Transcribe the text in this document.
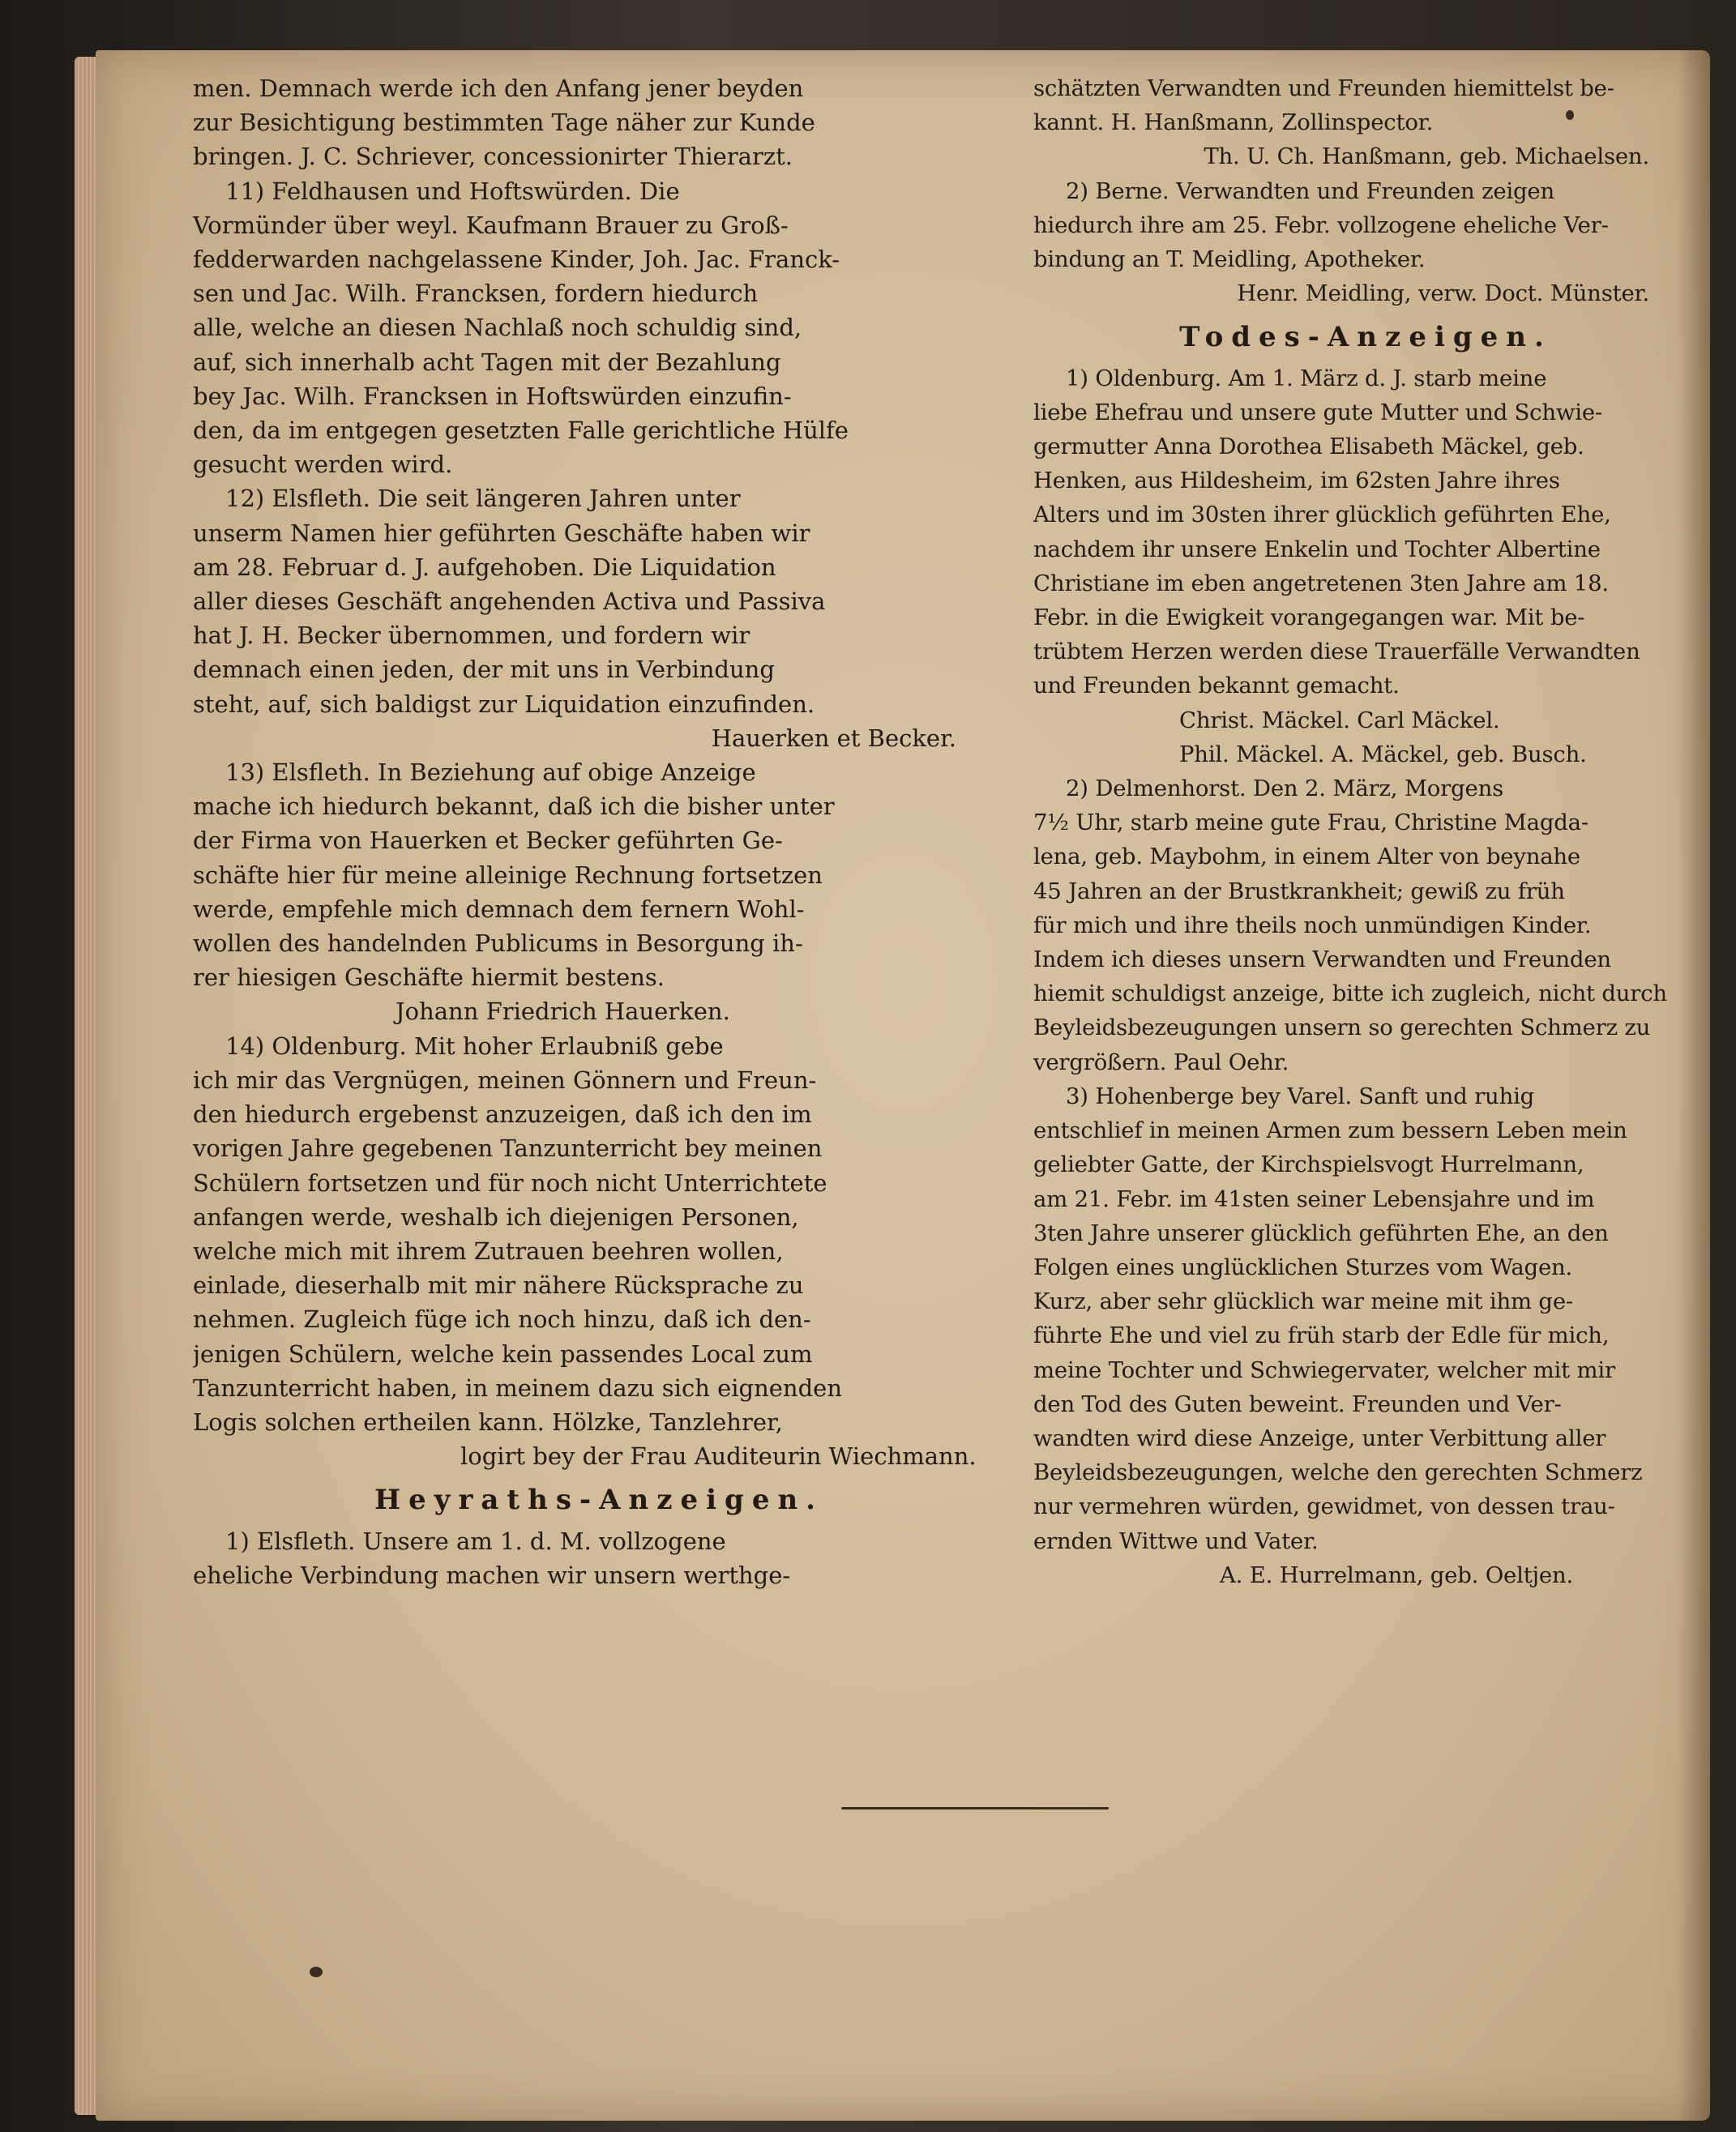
men. Demnach werde ich den Anfang jener beyden
zur Besichtigung bestimmten Tage näher zur Kunde
bringen. J. C. Schriever, concessionirter Thierarzt.
11) Feldhausen und Hoftswürden. Die
Vormünder über weyl. Kaufmann Brauer zu Groß-
fedderwarden nachgelassene Kinder, Joh. Jac. Franck-
sen und Jac. Wilh. Francksen, fordern hiedurch
alle, welche an diesen Nachlaß noch schuldig sind,
auf, sich innerhalb acht Tagen mit der Bezahlung
bey Jac. Wilh. Francksen in Hoftswürden einzufin-
den, da im entgegen gesetzten Falle gerichtliche Hülfe
gesucht werden wird.
12) Elsfleth. Die seit längeren Jahren unter
unserm Namen hier geführten Geschäfte haben wir
am 28. Februar d. J. aufgehoben. Die Liquidation
aller dieses Geschäft angehenden Activa und Passiva
hat J. H. Becker übernommen, und fordern wir
demnach einen jeden, der mit uns in Verbindung
steht, auf, sich baldigst zur Liquidation einzufinden.
Hauerken et Becker.
13) Elsfleth. In Beziehung auf obige Anzeige
mache ich hiedurch bekannt, daß ich die bisher unter
der Firma von Hauerken et Becker geführten Ge-
schäfte hier für meine alleinige Rechnung fortsetzen
werde, empfehle mich demnach dem fernern Wohl-
wollen des handelnden Publicums in Besorgung ih-
rer hiesigen Geschäfte hiermit bestens.
Johann Friedrich Hauerken.
14) Oldenburg. Mit hoher Erlaubniß gebe
ich mir das Vergnügen, meinen Gönnern und Freun-
den hiedurch ergebenst anzuzeigen, daß ich den im
vorigen Jahre gegebenen Tanzunterricht bey meinen
Schülern fortsetzen und für noch nicht Unterrichtete
anfangen werde, weshalb ich diejenigen Personen,
welche mich mit ihrem Zutrauen beehren wollen,
einlade, dieserhalb mit mir nähere Rücksprache zu
nehmen. Zugleich füge ich noch hinzu, daß ich den-
jenigen Schülern, welche kein passendes Local zum
Tanzunterricht haben, in meinem dazu sich eignenden
Logis solchen ertheilen kann. Hölzke, Tanzlehrer,
logirt bey der Frau Auditeurin Wiechmann.
Heyraths-Anzeigen.
1) Elsfleth. Unsere am 1. d. M. vollzogene
eheliche Verbindung machen wir unsern werthge-
schätzten Verwandten und Freunden hiemittelst be-
kannt. H. Hanßmann, Zollinspector.
Th. U. Ch. Hanßmann, geb. Michaelsen.
2) Berne. Verwandten und Freunden zeigen
hiedurch ihre am 25. Febr. vollzogene eheliche Ver-
bindung an T. Meidling, Apotheker.
Henr. Meidling, verw. Doct. Münster.
Todes-Anzeigen.
1) Oldenburg. Am 1. März d. J. starb meine
liebe Ehefrau und unsere gute Mutter und Schwie-
germutter Anna Dorothea Elisabeth Mäckel, geb.
Henken, aus Hildesheim, im 62sten Jahre ihres
Alters und im 30sten ihrer glücklich geführten Ehe,
nachdem ihr unsere Enkelin und Tochter Albertine
Christiane im eben angetretenen 3ten Jahre am 18.
Febr. in die Ewigkeit vorangegangen war. Mit be-
trübtem Herzen werden diese Trauerfälle Verwandten
und Freunden bekannt gemacht.
Christ. Mäckel. Carl Mäckel.
Phil. Mäckel. A. Mäckel, geb. Busch.
2) Delmenhorst. Den 2. März, Morgens
7½ Uhr, starb meine gute Frau, Christine Magda-
lena, geb. Maybohm, in einem Alter von beynahe
45 Jahren an der Brustkrankheit; gewiß zu früh
für mich und ihre theils noch unmündigen Kinder.
Indem ich dieses unsern Verwandten und Freunden
hiemit schuldigst anzeige, bitte ich zugleich, nicht durch
Beyleidsbezeugungen unsern so gerechten Schmerz zu
vergrößern. Paul Oehr.
3) Hohenberge bey Varel. Sanft und ruhig
entschlief in meinen Armen zum bessern Leben mein
geliebter Gatte, der Kirchspielsvogt Hurrelmann,
am 21. Febr. im 41sten seiner Lebensjahre und im
3ten Jahre unserer glücklich geführten Ehe, an den
Folgen eines unglücklichen Sturzes vom Wagen.
Kurz, aber sehr glücklich war meine mit ihm ge-
führte Ehe und viel zu früh starb der Edle für mich,
meine Tochter und Schwiegervater, welcher mit mir
den Tod des Guten beweint. Freunden und Ver-
wandten wird diese Anzeige, unter Verbittung aller
Beyleidsbezeugungen, welche den gerechten Schmerz
nur vermehren würden, gewidmet, von dessen trau-
ernden Wittwe und Vater.
A. E. Hurrelmann, geb. Oeltjen.
